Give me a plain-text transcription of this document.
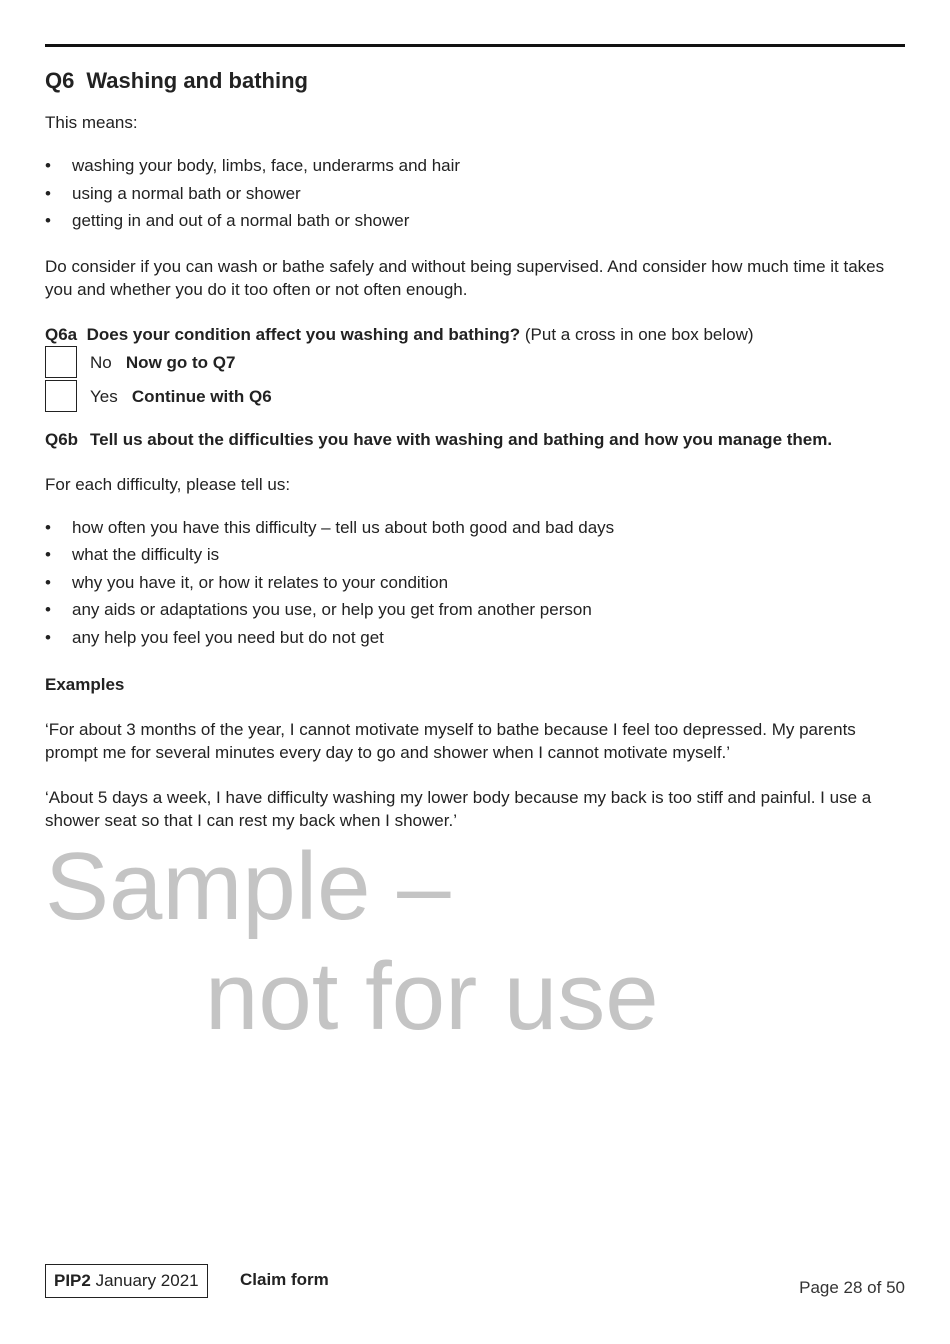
Q6 Washing and bathing

This means:

• washing your body, limbs, face, underarms and hair
• using a normal bath or shower
• getting in and out of a normal bath or shower

Do consider if you can wash or bathe safely and without being supervised. And consider how much time it takes you and whether you do it too often or not often enough.

Q6a Does your condition affect you washing and bathing? (Put a cross in one box below)

No Now go to Q7
Yes Continue with Q6
Q6b Tell us about the difficulties you have with washing and bathing and how you manage them.

For each difficulty, please tell us:

• how often you have this difficulty – tell us about both good and bad days
• what the difficulty is
• why you have it, or how it relates to your condition
• any aids or adaptations you use, or help you get from another person
• any help you feel you need but do not get

Examples

‘For about 3 months of the year, I cannot motivate myself to bathe because I feel too depressed. My parents prompt me for several minutes every day to go and shower when I cannot motivate myself.’

‘About 5 days a week, I have difficulty washing my lower body because my back is too stiff and painful. I use a shower seat so that I can rest my back when I shower.’

Sample –
not for use
PIP2 January 2021	Claim form	Page 28 of 50
